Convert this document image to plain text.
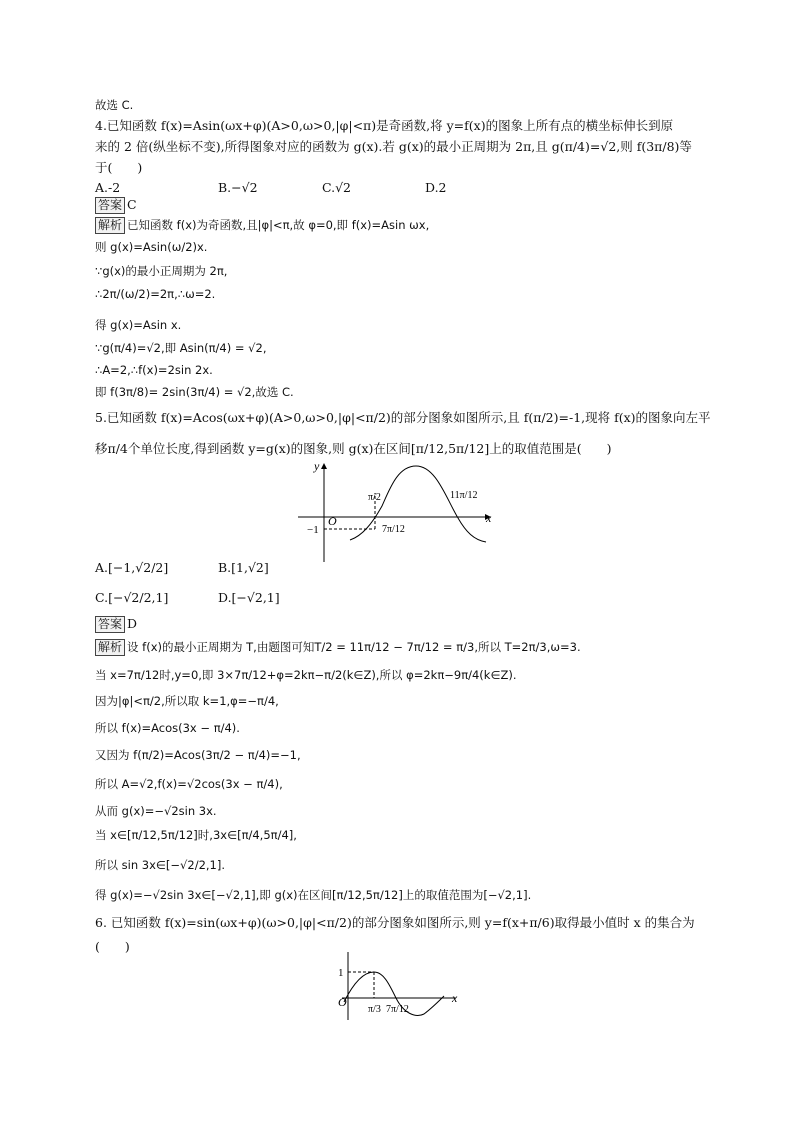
故选 C.
4.已知函数 f(x)=Asin(ωx+φ)(A>0,ω>0,|φ|<π)是奇函数,将 y=f(x)的图象上所有点的横坐标伸长到原
来的 2 倍(纵坐标不变),所得图象对应的函数为 g(x).若 g(x)的最小正周期为 2π,且 g(π/4)=√2,则 f(3π/8)等
于(　　)
答案 C
解析 已知函数 f(x)为奇函数,且|φ|<π,故 φ=0,即 f(x)=Asin ωx,
则 g(x)=Asin(ω/2)x.
∵g(x)的最小正周期为 2π,
∴2π/(ω/2)=2π,∴ω=2.
得 g(x)=Asin x.
∵g(π/4)=√2,即 Asin(π/4) = √2,
∴A=2,∴f(x)=2sin 2x.
即 f(3π/8)= 2sin(3π/4) = √2,故选 C.
5.已知函数 f(x)=Acos(ωx+φ)(A>0,ω>0,|φ|<π/2)的部分图象如图所示,且 f(π/2)=-1,现将 f(x)的图象向左平
移π/4个单位长度,得到函数 y=g(x)的图象,则 g(x)在区间[π/12,5π/12]上的取值范围是(　　)
答案 D
解析 设 f(x)的最小正周期为 T,由题图可知T/2 = 11π/12 − 7π/12 = π/3,所以 T=2π/3,ω=3.
当 x=7π/12时,y=0,即 3×7π/12+φ=2kπ−π/2(k∈Z),所以 φ=2kπ−9π/4(k∈Z).
因为|φ|<π/2,所以取 k=1,φ=−π/4,
所以 f(x)=Acos(3x − π/4).
又因为 f(π/2)=Acos(3π/2 − π/4)=−1,
所以 A=√2,f(x)=√2cos(3x − π/4),
从而 g(x)=−√2sin 3x.
当 x∈[π/12,5π/12]时,3x∈[π/4,5π/4],
所以 sin 3x∈[−√2/2,1].
得 g(x)=−√2sin 3x∈[−√2,1],即 g(x)在区间[π/12,5π/12]上的取值范围为[−√2,1].
6. 已知函数 f(x)=sin(ωx+φ)(ω>0,|φ|<π/2)的部分图象如图所示,则 y=f(x+π/6)取得最小值时 x 的集合为
(　　)
A.-2	B.−√2	C.√2	D.2
A.[−1,√2/2]	B.[1,√2]
C.[−√2/2,1]	D.[−√2,1]
y
x
O
−1
π/2	11π/12
7π/12
1
O	x
π/3 7π/12
